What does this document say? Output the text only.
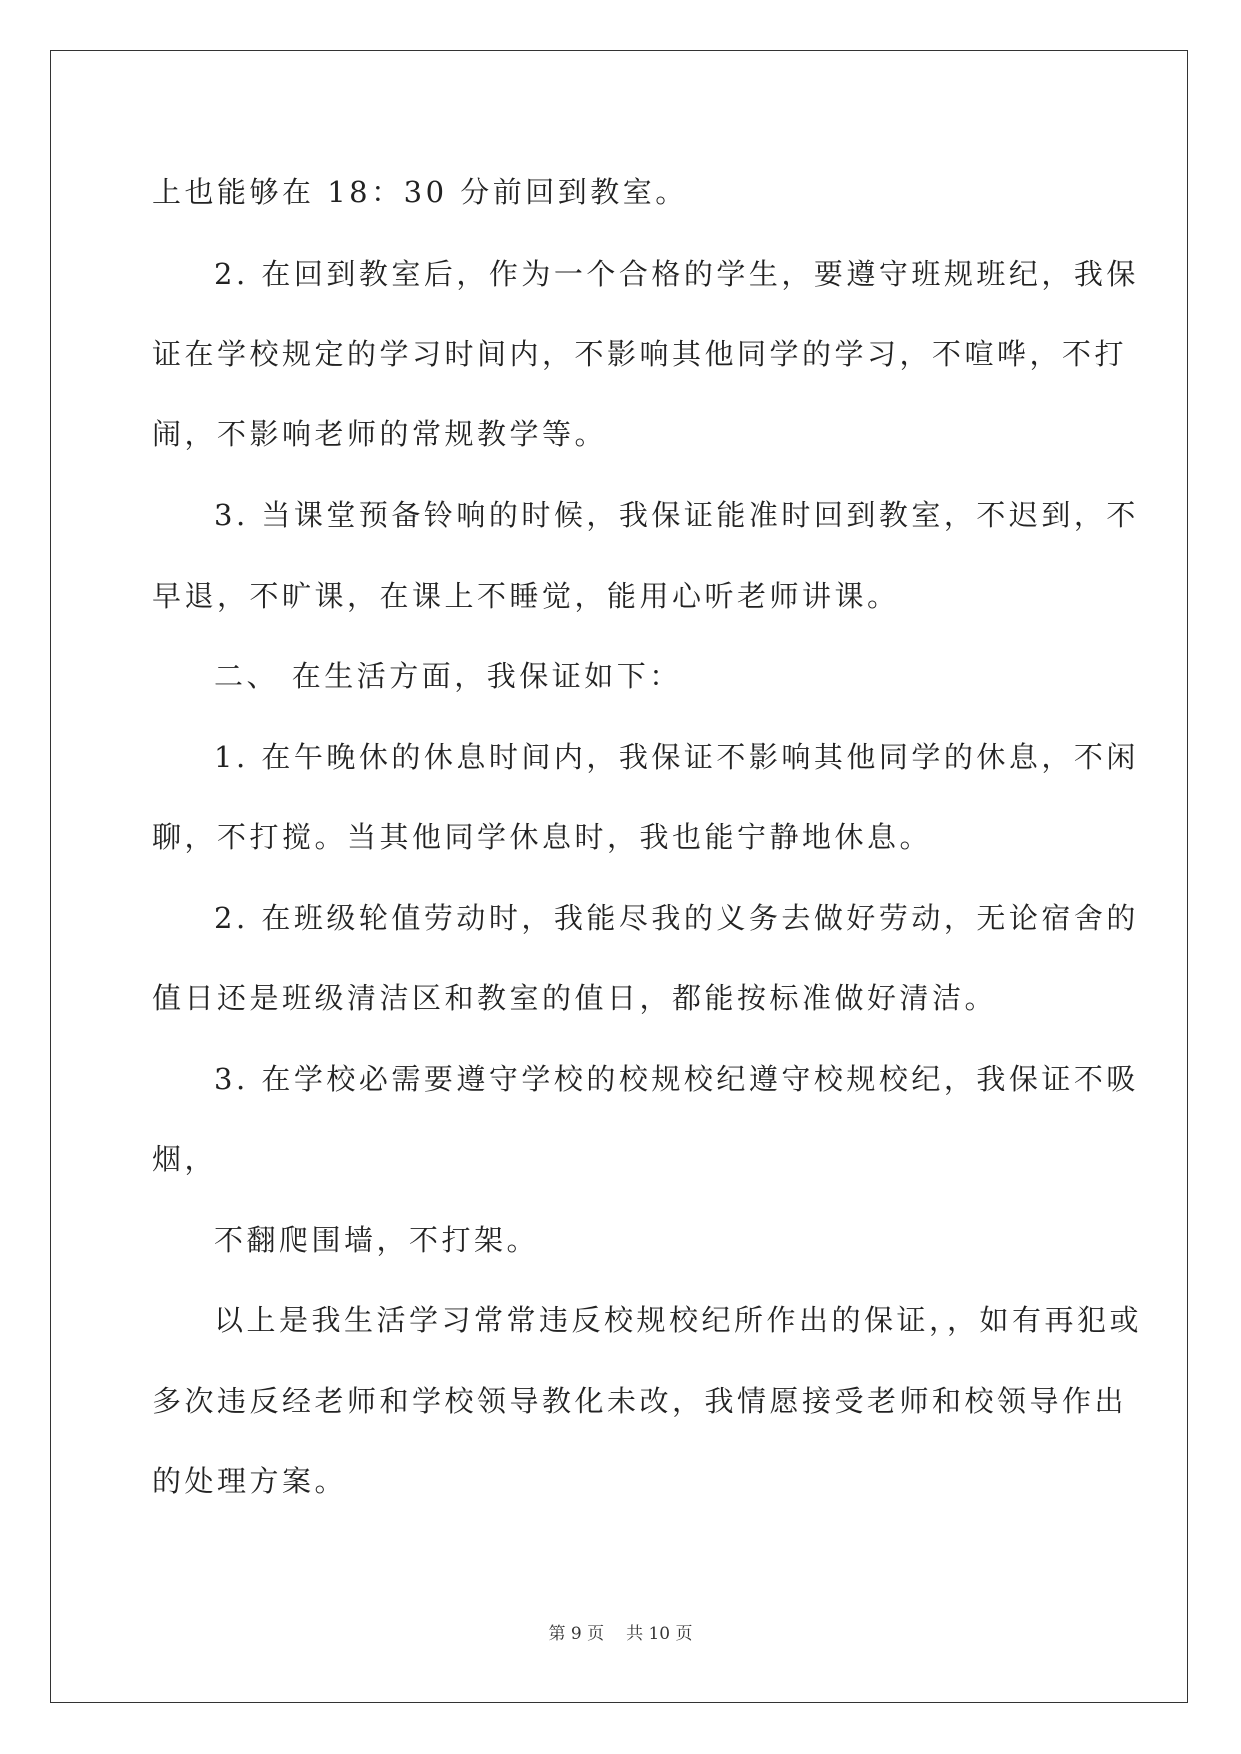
上也能够在 18：30 分前回到教室。
2. 在回到教室后，作为一个合格的学生，要遵守班规班纪，我保
证在学校规定的学习时间内，不影响其他同学的学习，不喧哗，不打
闹，不影响老师的常规教学等。
3. 当课堂预备铃响的时候，我保证能准时回到教室，不迟到，不
早退，不旷课，在课上不睡觉，能用心听老师讲课。
二、 在生活方面，我保证如下：
1. 在午晚休的休息时间内，我保证不影响其他同学的休息，不闲
聊，不打搅。当其他同学休息时，我也能宁静地休息。
2. 在班级轮值劳动时，我能尽我的义务去做好劳动，无论宿舍的
值日还是班级清洁区和教室的值日，都能按标准做好清洁。
3. 在学校必需要遵守学校的校规校纪遵守校规校纪，我保证不吸
烟，
不翻爬围墙，不打架。
以上是我生活学习常常违反校规校纪所作出的保证，，如有再犯或
多次违反经老师和学校领导教化未改，我情愿接受老师和校领导作出
的处理方案。
第 9 页 共 10 页
